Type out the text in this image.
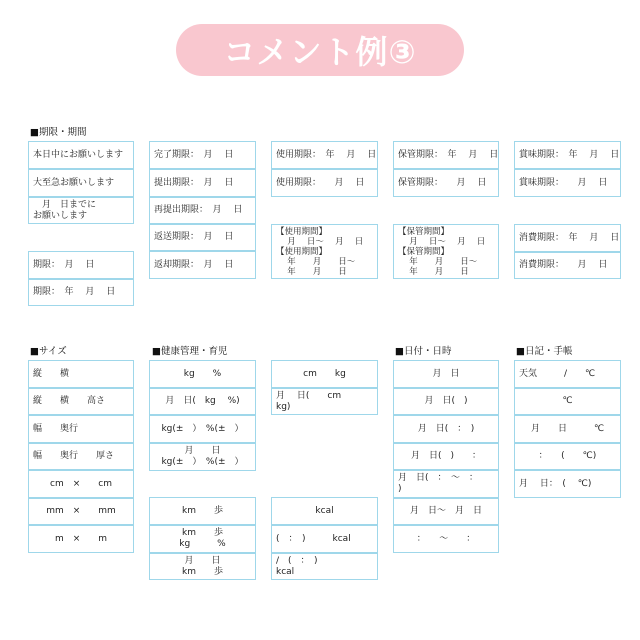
コメント例③
■期限・期間
本日中にお願いします
大至急お願いします
　月　日までに
お願いします
期限：　月　 日
期限：　年　 月　 日
完了期限：　月　 日
提出期限：　月　 日
再提出期限：　月　 日
返送期限：　月　 日
返却期限：　月　 日
使用期限：　年　 月　 日
使用期限：　　月　 日
【使用期間】
　 月　 日〜　 月　 日
【使用期間】
　 年　　月　　日〜
　 年　　月　　日
保管期限：　年　 月　 日
保管期限：　　月　 日
【保管期間】
　 月　 日〜　 月　 日
【保管期間】
　 年　　月　　日〜
　 年　　月　　日
賞味期限：　年　 月　 日
賞味期限：　　月　 日
消費期限：　年　 月　 日
消費期限：　　月　 日
■サイズ	■健康管理・育児	■日付・日時	■日記・手帳
縦　　横
縦　　横　　高さ
幅　　奥行
幅　　奥行　　厚さ
cm　×　　cm
mm　×　　mm
m　×　　m
kg　　%
月　日(　kg　 %)
kg(±　）　%(±　）
月　　日
kg(±　）　%(±　）
cm　　kg
月　 日(　　cm
kg)
km　　歩
km　　歩
kg　　　%
月　　日
km　　歩
kcal
(　：　)　　　kcal
/　(　：　)
kcal
月　日
月　日(　)
月　日(　：　)
月　日(　)　　：
月　日(　：　〜　：
)
月　日〜　月　日
：　　〜　　：
天気　　　/　　℃
℃
月　　日　　　℃
：　　(　　℃)
月　 日：　(　 ℃)
